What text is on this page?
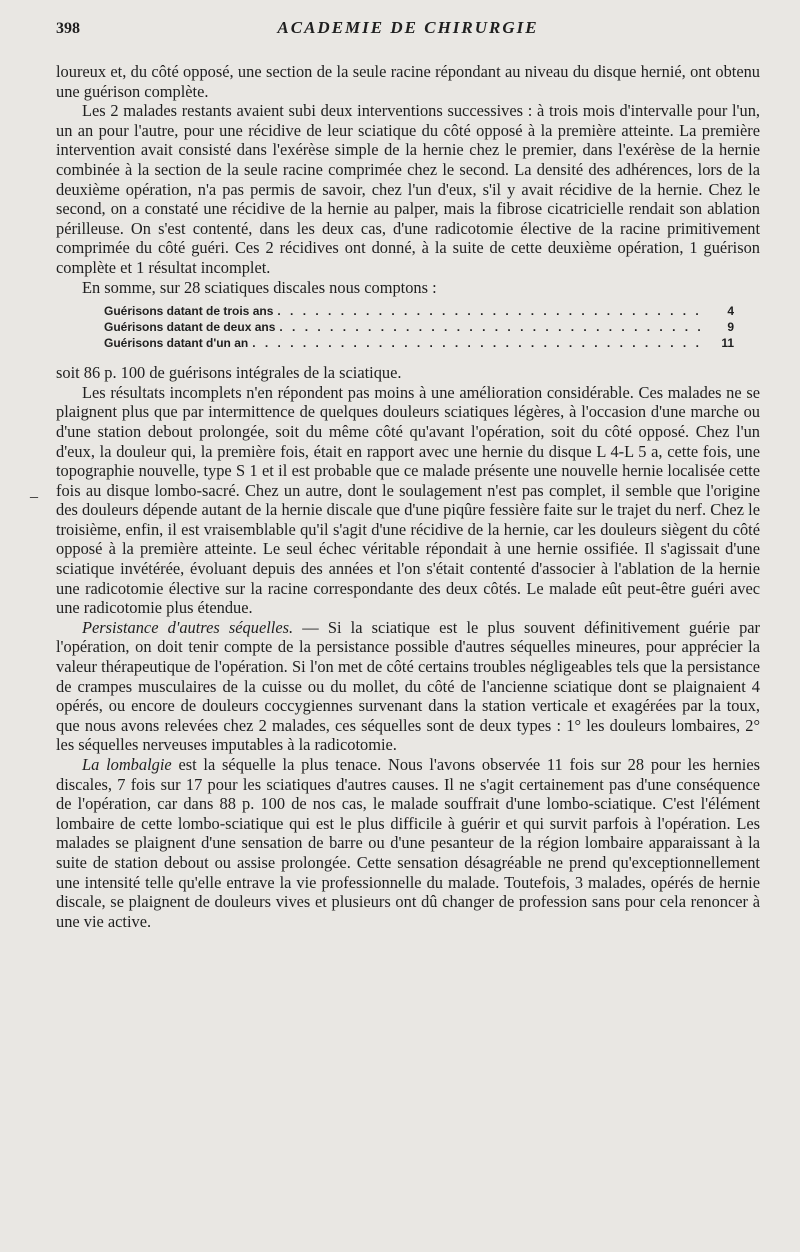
398	ACADEMIE DE CHIRURGIE
_

loureux et, du côté opposé, une section de la seule racine répondant au niveau du disque hernié, ont obtenu une guérison complète.

Les 2 malades restants avaient subi deux interventions successives : à trois mois d'intervalle pour l'un, un an pour l'autre, pour une récidive de leur sciatique du côté opposé à la première atteinte. La première intervention avait consisté dans l'exérèse simple de la hernie chez le premier, dans l'exérèse de la hernie combinée à la section de la seule racine comprimée chez le second. La densité des adhérences, lors de la deuxième opération, n'a pas permis de savoir, chez l'un d'eux, s'il y avait récidive de la hernie. Chez le second, on a constaté une récidive de la hernie au palper, mais la fibrose cicatricielle rendait son ablation périlleuse. On s'est contenté, dans les deux cas, d'une radicotomie élective de la racine primitivement comprimée du côté guéri. Ces 2 récidives ont donné, à la suite de cette deuxième opération, 1 guérison complète et 1 résultat incomplet.

En somme, sur 28 sciatiques discales nous comptons :

Guérisons datant de trois ans . . .	4
Guérisons datant de deux ans . . .	9
Guérisons datant d'un an . . .	11

soit 86 p. 100 de guérisons intégrales de la sciatique.

Les résultats incomplets n'en répondent pas moins à une amélioration considérable. Ces malades ne se plaignent plus que par intermittence de quelques douleurs sciatiques légères, à l'occasion d'une marche ou d'une station debout prolongée, soit du même côté qu'avant l'opération, soit du côté opposé. Chez l'un d'eux, la douleur qui, la première fois, était en rapport avec une hernie du disque L 4-L 5 a, cette fois, une topographie nouvelle, type S 1 et il est probable que ce malade présente une nouvelle hernie localisée cette fois au disque lombo-sacré. Chez un autre, dont le soulagement n'est pas complet, il semble que l'origine des douleurs dépende autant de la hernie discale que d'une piqûre fessière faite sur le trajet du nerf. Chez le troisième, enfin, il est vraisemblable qu'il s'agit d'une récidive de la hernie, car les douleurs siègent du côté opposé à la première atteinte. Le seul échec véritable répondait à une hernie ossifiée. Il s'agissait d'une sciatique invétérée, évoluant depuis des années et l'on s'était contenté d'associer à l'ablation de la hernie une radicotomie élective sur la racine correspondante des deux côtés. Le malade eût peut-être guéri avec une radicotomie plus étendue.

Persistance d'autres séquelles. — Si la sciatique est le plus souvent définitivement guérie par l'opération, on doit tenir compte de la persistance possible d'autres séquelles mineures, pour apprécier la valeur thérapeutique de l'opération. Si l'on met de côté certains troubles négligeables tels que la persistance de crampes musculaires de la cuisse ou du mollet, du côté de l'ancienne sciatique dont se plaignaient 4 opérés, ou encore de douleurs coccygiennes survenant dans la station verticale et exagérées par la toux, que nous avons relevées chez 2 malades, ces séquelles sont de deux types : 1° les douleurs lombaires, 2° les séquelles nerveuses imputables à la radicotomie.

La lombalgie est la séquelle la plus tenace. Nous l'avons observée 11 fois sur 28 pour les hernies discales, 7 fois sur 17 pour les sciatiques d'autres causes. Il ne s'agit certainement pas d'une conséquence de l'opération, car dans 88 p. 100 de nos cas, le malade souffrait d'une lombo-sciatique. C'est l'élément lombaire de cette lombo-sciatique qui est le plus difficile à guérir et qui survit parfois à l'opération. Les malades se plaignent d'une sensation de barre ou d'une pesanteur de la région lombaire apparaissant à la suite de station debout ou assise prolongée. Cette sensation désagréable ne prend qu'exceptionnellement une intensité telle qu'elle entrave la vie professionnelle du malade. Toutefois, 3 malades, opérés de hernie discale, se plaignent de douleurs vives et plusieurs ont dû changer de profession sans pour cela renoncer à une vie active.
